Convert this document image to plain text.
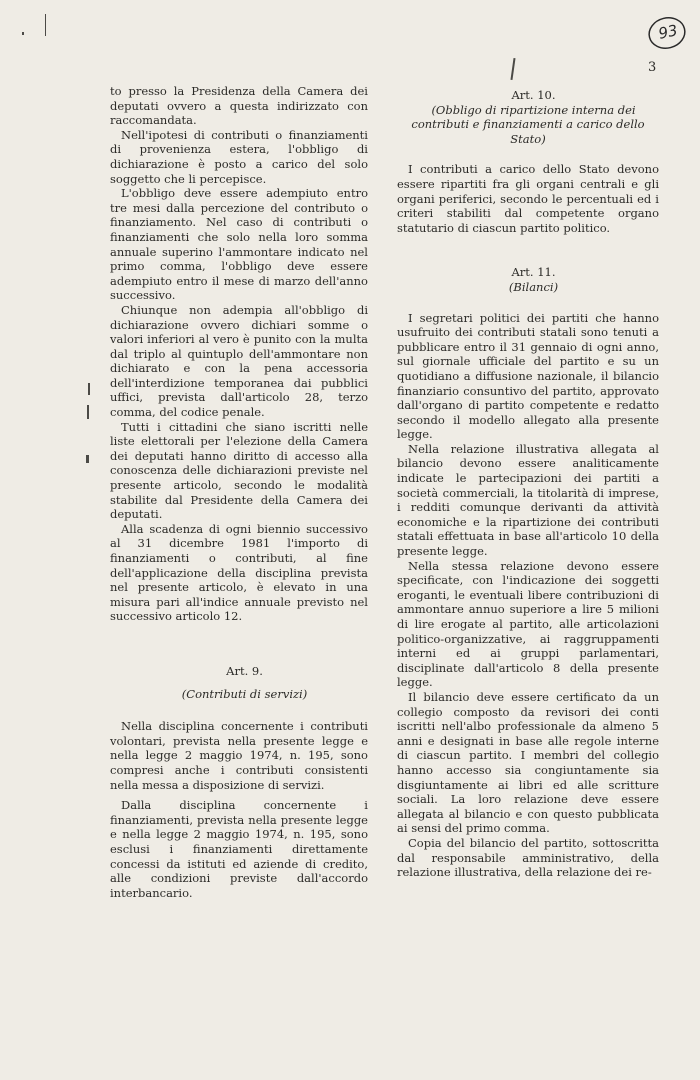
93
3

to presso la Presidenza della Camera dei deputati ovvero a questa indirizzato con raccomandata.

Nell'ipotesi di contributi o finanziamenti di provenienza estera, l'obbligo di dichiarazione è posto a carico del solo soggetto che li percepisce.

L'obbligo deve essere adempiuto entro tre mesi dalla percezione del contributo o finanziamento. Nel caso di contributi o finanziamenti che solo nella loro somma annuale superino l'ammontare indicato nel primo comma, l'obbligo deve essere adempiuto entro il mese di marzo dell'anno successivo.

Chiunque non adempia all'obbligo di dichiarazione ovvero dichiari somme o valori inferiori al vero è punito con la multa dal triplo al quintuplo dell'ammontare non dichiarato e con la pena accessoria dell'interdizione temporanea dai pubblici uffici, prevista dall'articolo 28, terzo comma, del codice penale.

Tutti i cittadini che siano iscritti nelle liste elettorali per l'elezione della Camera dei deputati hanno diritto di accesso alla conoscenza delle dichiarazioni previste nel presente articolo, secondo le modalità stabilite dal Presidente della Camera dei deputati.

Alla scadenza di ogni biennio successivo al 31 dicembre 1981 l'importo di finanziamenti o contributi, al fine dell'applicazione della disciplina prevista nel presente articolo, è elevato in una misura pari all'indice annuale previsto nel successivo articolo 12.

Art. 9.

(Contributi di servizi)

Nella disciplina concernente i contributi volontari, prevista nella presente legge e nella legge 2 maggio 1974, n. 195, sono compresi anche i contributi consistenti nella messa a disposizione di servizi.

Dalla disciplina concernente i finanziamenti, prevista nella presente legge e nella legge 2 maggio 1974, n. 195, sono esclusi i finanziamenti direttamente concessi da istituti ed aziende di credito, alle condizioni previste dall'accordo interbancario.

Art. 10.

(Obbligo di ripartizione interna dei contributi e finanziamenti a carico dello Stato)

I contributi a carico dello Stato devono essere ripartiti fra gli organi centrali e gli organi periferici, secondo le percentuali ed i criteri stabiliti dal competente organo statutario di ciascun partito politico.

Art. 11.

(Bilanci)

I segretari politici dei partiti che hanno usufruito dei contributi statali sono tenuti a pubblicare entro il 31 gennaio di ogni anno, sul giornale ufficiale del partito e su un quotidiano a diffusione nazionale, il bilancio finanziario consuntivo del partito, approvato dall'organo di partito competente e redatto secondo il modello allegato alla presente legge.

Nella relazione illustrativa allegata al bilancio devono essere analiticamente indicate le partecipazioni dei partiti a società commerciali, la titolarità di imprese, i redditi comunque derivanti da attività economiche e la ripartizione dei contributi statali effettuata in base all'articolo 10 della presente legge.

Nella stessa relazione devono essere specificate, con l'indicazione dei soggetti eroganti, le eventuali libere contribuzioni di ammontare annuo superiore a lire 5 milioni di lire erogate al partito, alle articolazioni politico-organizzative, ai raggruppamenti interni ed ai gruppi parlamentari, disciplinate dall'articolo 8 della presente legge.

Il bilancio deve essere certificato da un collegio composto da revisori dei conti iscritti nell'albo professionale da almeno 5 anni e designati in base alle regole interne di ciascun partito. I membri del collegio hanno accesso sia congiuntamente sia disgiuntamente ai libri ed alle scritture sociali. La loro relazione deve essere allegata al bilancio e con questo pubblicata ai sensi del primo comma.

Copia del bilancio del partito, sottoscritta dal responsabile amministrativo, della relazione illustrativa, della relazione dei re-
